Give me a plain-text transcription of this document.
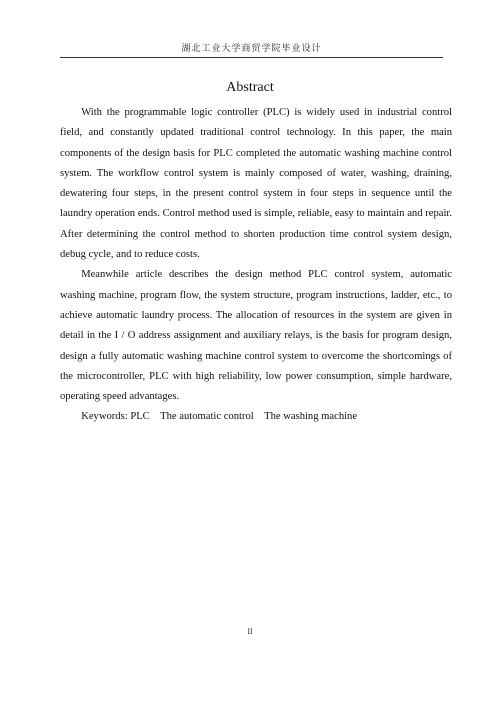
湖北工业大学商贸学院毕业设计
Abstract

With the programmable logic controller (PLC) is widely used in industrial control field, and constantly updated traditional control technology. In this paper, the main components of the design basis for PLC completed the automatic washing machine control system. The workflow control system is mainly composed of water, washing, draining, dewatering four steps, in the present control system in four steps in sequence until the laundry operation ends. Control method used is simple, reliable, easy to maintain and repair. After determining the control method to shorten production time control system design, debug cycle, and to reduce costs.

Meanwhile article describes the design method PLC control system, automatic washing machine, program flow, the system structure, program instructions, ladder, etc., to achieve automatic laundry process. The allocation of resources in the system are given in detail in the I / O address assignment and auxiliary relays, is the basis for program design, design a fully automatic washing machine control system to overcome the shortcomings of the microcontroller, PLC with high reliability, low power consumption, simple hardware, operating speed advantages.

Keywords: PLC    The automatic control    The washing machine

II
